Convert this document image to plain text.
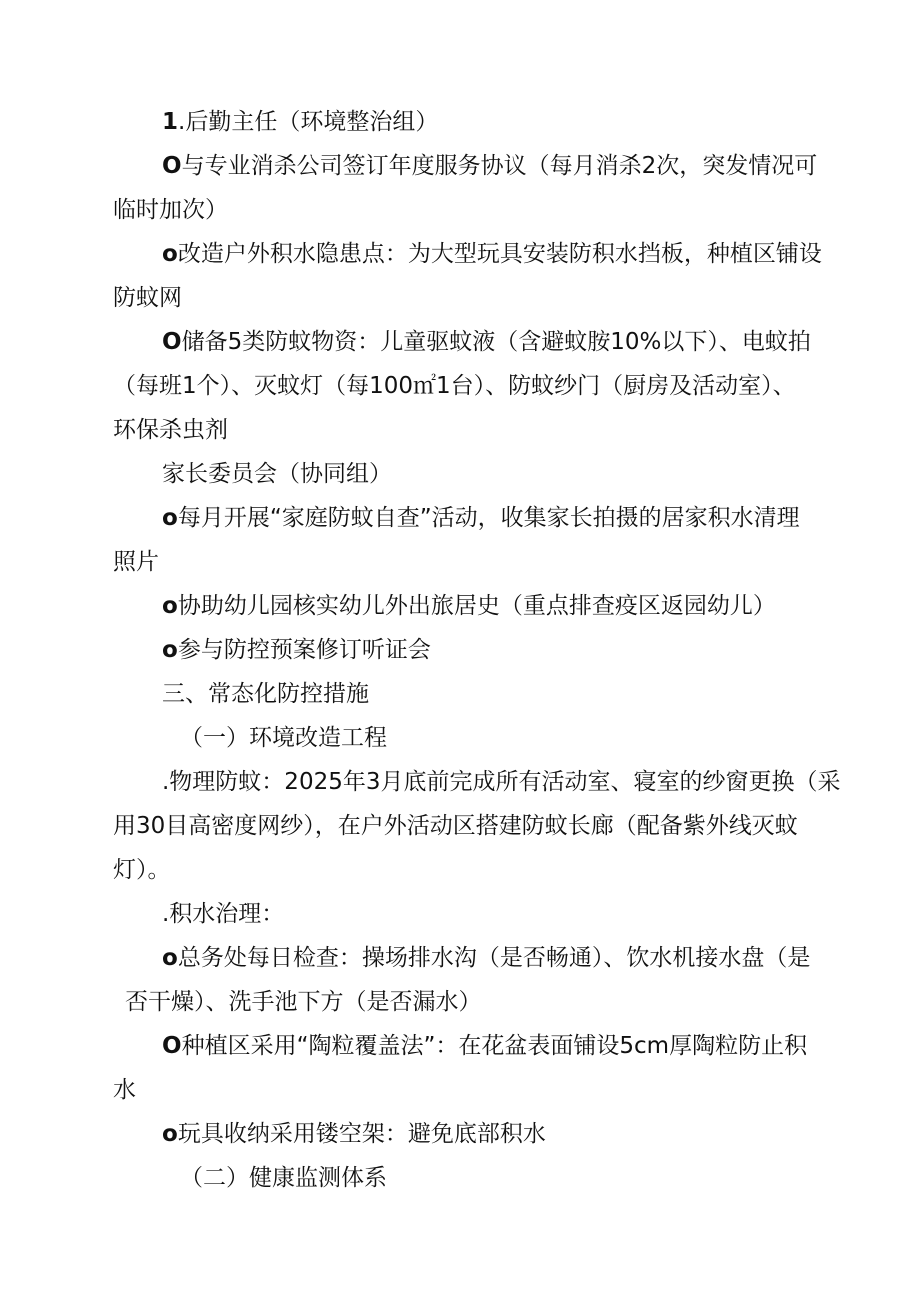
1.后勤主任（环境整治组）
O与专业消杀公司签订年度服务协议（每月消杀2次，突发情况可
临时加次）
o改造户外积水隐患点：为大型玩具安装防积水挡板，种植区铺设
防蚊网
O储备5类防蚊物资：儿童驱蚊液（含避蚊胺10%以下）、电蚊拍
（每班1个）、灭蚊灯（每100㎡1台）、防蚊纱门（厨房及活动室）、
环保杀虫剂
家长委员会（协同组）
o每月开展“家庭防蚊自查”活动，收集家长拍摄的居家积水清理
照片
o协助幼儿园核实幼儿外出旅居史（重点排查疫区返园幼儿）
o参与防控预案修订听证会
三、常态化防控措施
（一）环境改造工程
.物理防蚊：2025年3月底前完成所有活动室、寝室的纱窗更换（采
用30目高密度网纱），在户外活动区搭建防蚊长廊（配备紫外线灭蚊
灯）。
.积水治理：
o总务处每日检查：操场排水沟（是否畅通）、饮水机接水盘（是
否干燥）、洗手池下方（是否漏水）
O种植区采用“陶粒覆盖法”：在花盆表面铺设5cm厚陶粒防止积
水
o玩具收纳采用镂空架：避免底部积水
（二）健康监测体系
